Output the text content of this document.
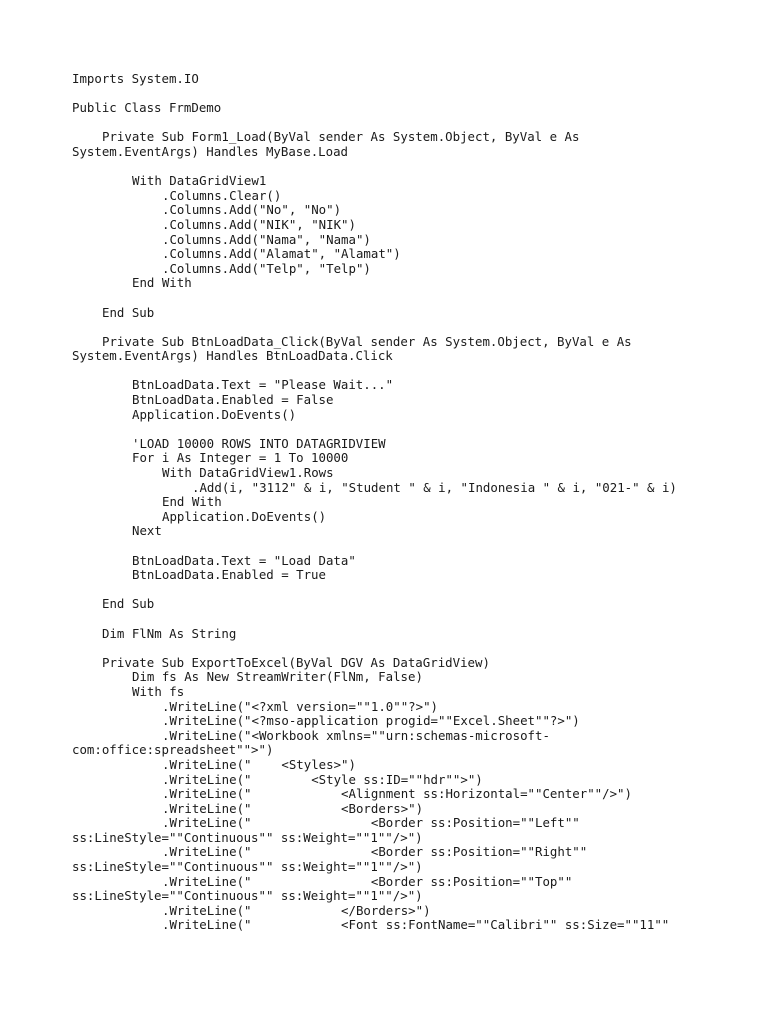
Imports System.IO

Public Class FrmDemo

Private Sub Form1_Load(ByVal sender As System.Object, ByVal e As
System.EventArgs) Handles MyBase.Load

With DataGridView1
.Columns.Clear()
.Columns.Add("No", "No")
.Columns.Add("NIK", "NIK")
.Columns.Add("Nama", "Nama")
.Columns.Add("Alamat", "Alamat")
.Columns.Add("Telp", "Telp")
End With

End Sub

Private Sub BtnLoadData_Click(ByVal sender As System.Object, ByVal e As
System.EventArgs) Handles BtnLoadData.Click

BtnLoadData.Text = "Please Wait..."
BtnLoadData.Enabled = False
Application.DoEvents()

'LOAD 10000 ROWS INTO DATAGRIDVIEW
For i As Integer = 1 To 10000
With DataGridView1.Rows
.Add(i, "3112" & i, "Student " & i, "Indonesia " & i, "021-" & i)
End With
Application.DoEvents()
Next

BtnLoadData.Text = "Load Data"
BtnLoadData.Enabled = True

End Sub

Dim FlNm As String

Private Sub ExportToExcel(ByVal DGV As DataGridView)
Dim fs As New StreamWriter(FlNm, False)
With fs
.WriteLine("<?xml version=""1.0""?>")
.WriteLine("<?mso-application progid=""Excel.Sheet""?>")
.WriteLine("<Workbook xmlns=""urn:schemas-microsoft-
com:office:spreadsheet"">")
.WriteLine("    <Styles>")
.WriteLine("        <Style ss:ID=""hdr"">")
.WriteLine("            <Alignment ss:Horizontal=""Center""/>")
.WriteLine("            <Borders>")
.WriteLine("                <Border ss:Position=""Left""
ss:LineStyle=""Continuous"" ss:Weight=""1""/>")
.WriteLine("                <Border ss:Position=""Right""
ss:LineStyle=""Continuous"" ss:Weight=""1""/>")
.WriteLine("                <Border ss:Position=""Top""
ss:LineStyle=""Continuous"" ss:Weight=""1""/>")
.WriteLine("            </Borders>")
.WriteLine("            <Font ss:FontName=""Calibri"" ss:Size=""11""
